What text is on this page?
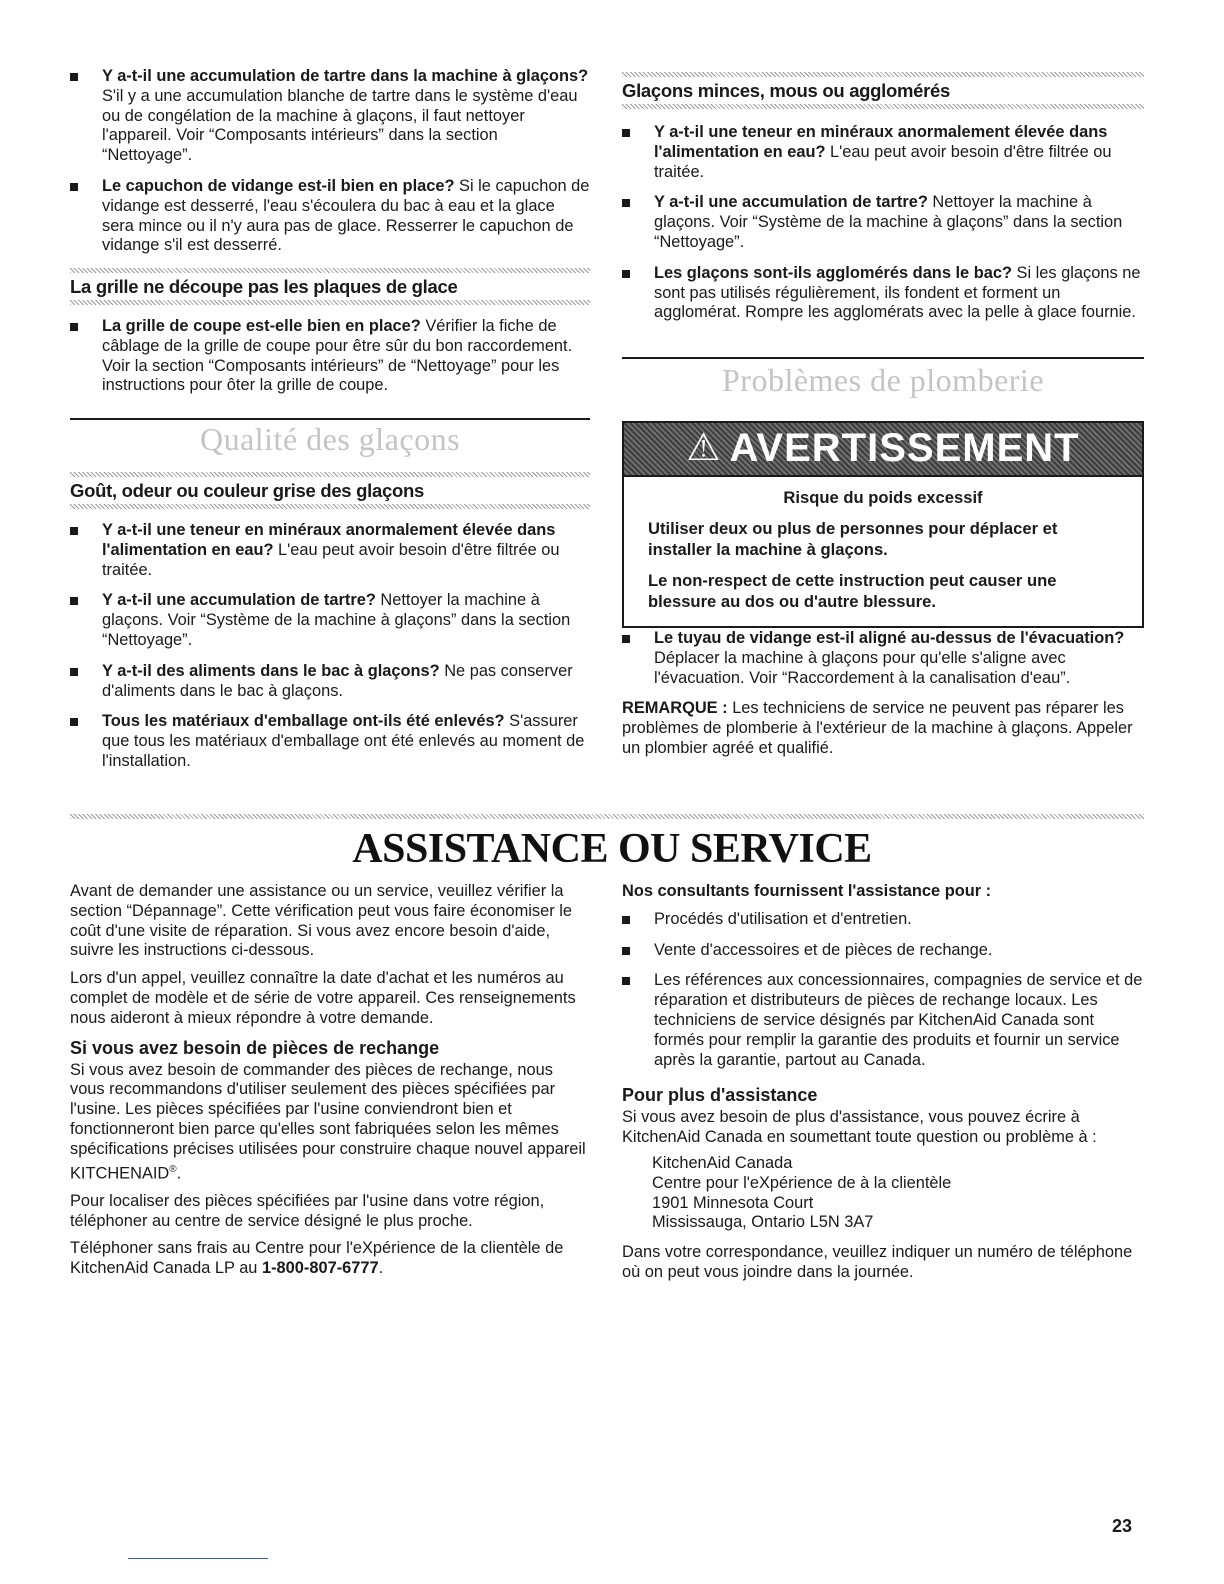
Y a-t-il une accumulation de tartre dans la machine à glaçons? S'il y a une accumulation blanche de tartre dans le système d'eau ou de congélation de la machine à glaçons, il faut nettoyer l'appareil. Voir “Composants intérieurs” dans la section “Nettoyage”.
Le capuchon de vidange est-il bien en place? Si le capuchon de vidange est desserré, l'eau s'écoulera du bac à eau et la glace sera mince ou il n'y aura pas de glace. Resserrer le capuchon de vidange s'il est desserré.
La grille ne découpe pas les plaques de glace
La grille de coupe est-elle bien en place? Vérifier la fiche de câblage de la grille de coupe pour être sûr du bon raccordement. Voir la section “Composants intérieurs” de “Nettoyage” pour les instructions pour ôter la grille de coupe.
Qualité des glaçons
Goût, odeur ou couleur grise des glaçons
Y a-t-il une teneur en minéraux anormalement élevée dans l'alimentation en eau? L'eau peut avoir besoin d'être filtrée ou traitée.
Y a-t-il une accumulation de tartre? Nettoyer la machine à glaçons. Voir “Système de la machine à glaçons” dans la section “Nettoyage”.
Y a-t-il des aliments dans le bac à glaçons? Ne pas conserver d'aliments dans le bac à glaçons.
Tous les matériaux d'emballage ont-ils été enlevés? S'assurer que tous les matériaux d'emballage ont été enlevés au moment de l'installation.
Glaçons minces, mous ou agglomérés
Y a-t-il une teneur en minéraux anormalement élevée dans l'alimentation en eau? L'eau peut avoir besoin d'être filtrée ou traitée.
Y a-t-il une accumulation de tartre? Nettoyer la machine à glaçons. Voir “Système de la machine à glaçons” dans la section “Nettoyage”.
Les glaçons sont-ils agglomérés dans le bac? Si les glaçons ne sont pas utilisés régulièrement, ils fondent et forment un agglomérat. Rompre les agglomérats avec la pelle à glace fournie.
Problèmes de plomberie
⚠ AVERTISSEMENT
Risque du poids excessif
Utiliser deux ou plus de personnes pour déplacer et installer la machine à glaçons.
Le non-respect de cette instruction peut causer une blessure au dos ou d'autre blessure.
Le tuyau de vidange est-il aligné au-dessus de l'évacuation? Déplacer la machine à glaçons pour qu'elle s'aligne avec l'évacuation. Voir “Raccordement à la canalisation d'eau”.
REMARQUE : Les techniciens de service ne peuvent pas réparer les problèmes de plomberie à l'extérieur de la machine à glaçons. Appeler un plombier agréé et qualifié.
ASSISTANCE OU SERVICE
Avant de demander une assistance ou un service, veuillez vérifier la section “Dépannage”. Cette vérification peut vous faire économiser le coût d'une visite de réparation. Si vous avez encore besoin d'aide, suivre les instructions ci-dessous.
Lors d'un appel, veuillez connaître la date d'achat et les numéros au complet de modèle et de série de votre appareil. Ces renseignements nous aideront à mieux répondre à votre demande.
Si vous avez besoin de pièces de rechange
Si vous avez besoin de commander des pièces de rechange, nous vous recommandons d'utiliser seulement des pièces spécifiées par l'usine. Les pièces spécifiées par l'usine conviendront bien et fonctionneront bien parce qu'elles sont fabriquées selon les mêmes spécifications précises utilisées pour construire chaque nouvel appareil KITCHENAID®.
Pour localiser des pièces spécifiées par l'usine dans votre région, téléphoner au centre de service désigné le plus proche.
Téléphoner sans frais au Centre pour l'eXpérience de la clientèle de KitchenAid Canada LP au 1-800-807-6777.
Nos consultants fournissent l'assistance pour :
Procédés d'utilisation et d'entretien.
Vente d'accessoires et de pièces de rechange.
Les références aux concessionnaires, compagnies de service et de réparation et distributeurs de pièces de rechange locaux. Les techniciens de service désignés par KitchenAid Canada sont formés pour remplir la garantie des produits et fournir un service après la garantie, partout au Canada.
Pour plus d'assistance
Si vous avez besoin de plus d'assistance, vous pouvez écrire à KitchenAid Canada en soumettant toute question ou problème à :
KitchenAid Canada
Centre pour l'eXpérience de à la clientèle
1901 Minnesota Court
Mississauga, Ontario L5N 3A7
Dans votre correspondance, veuillez indiquer un numéro de téléphone où on peut vous joindre dans la journée.
23
